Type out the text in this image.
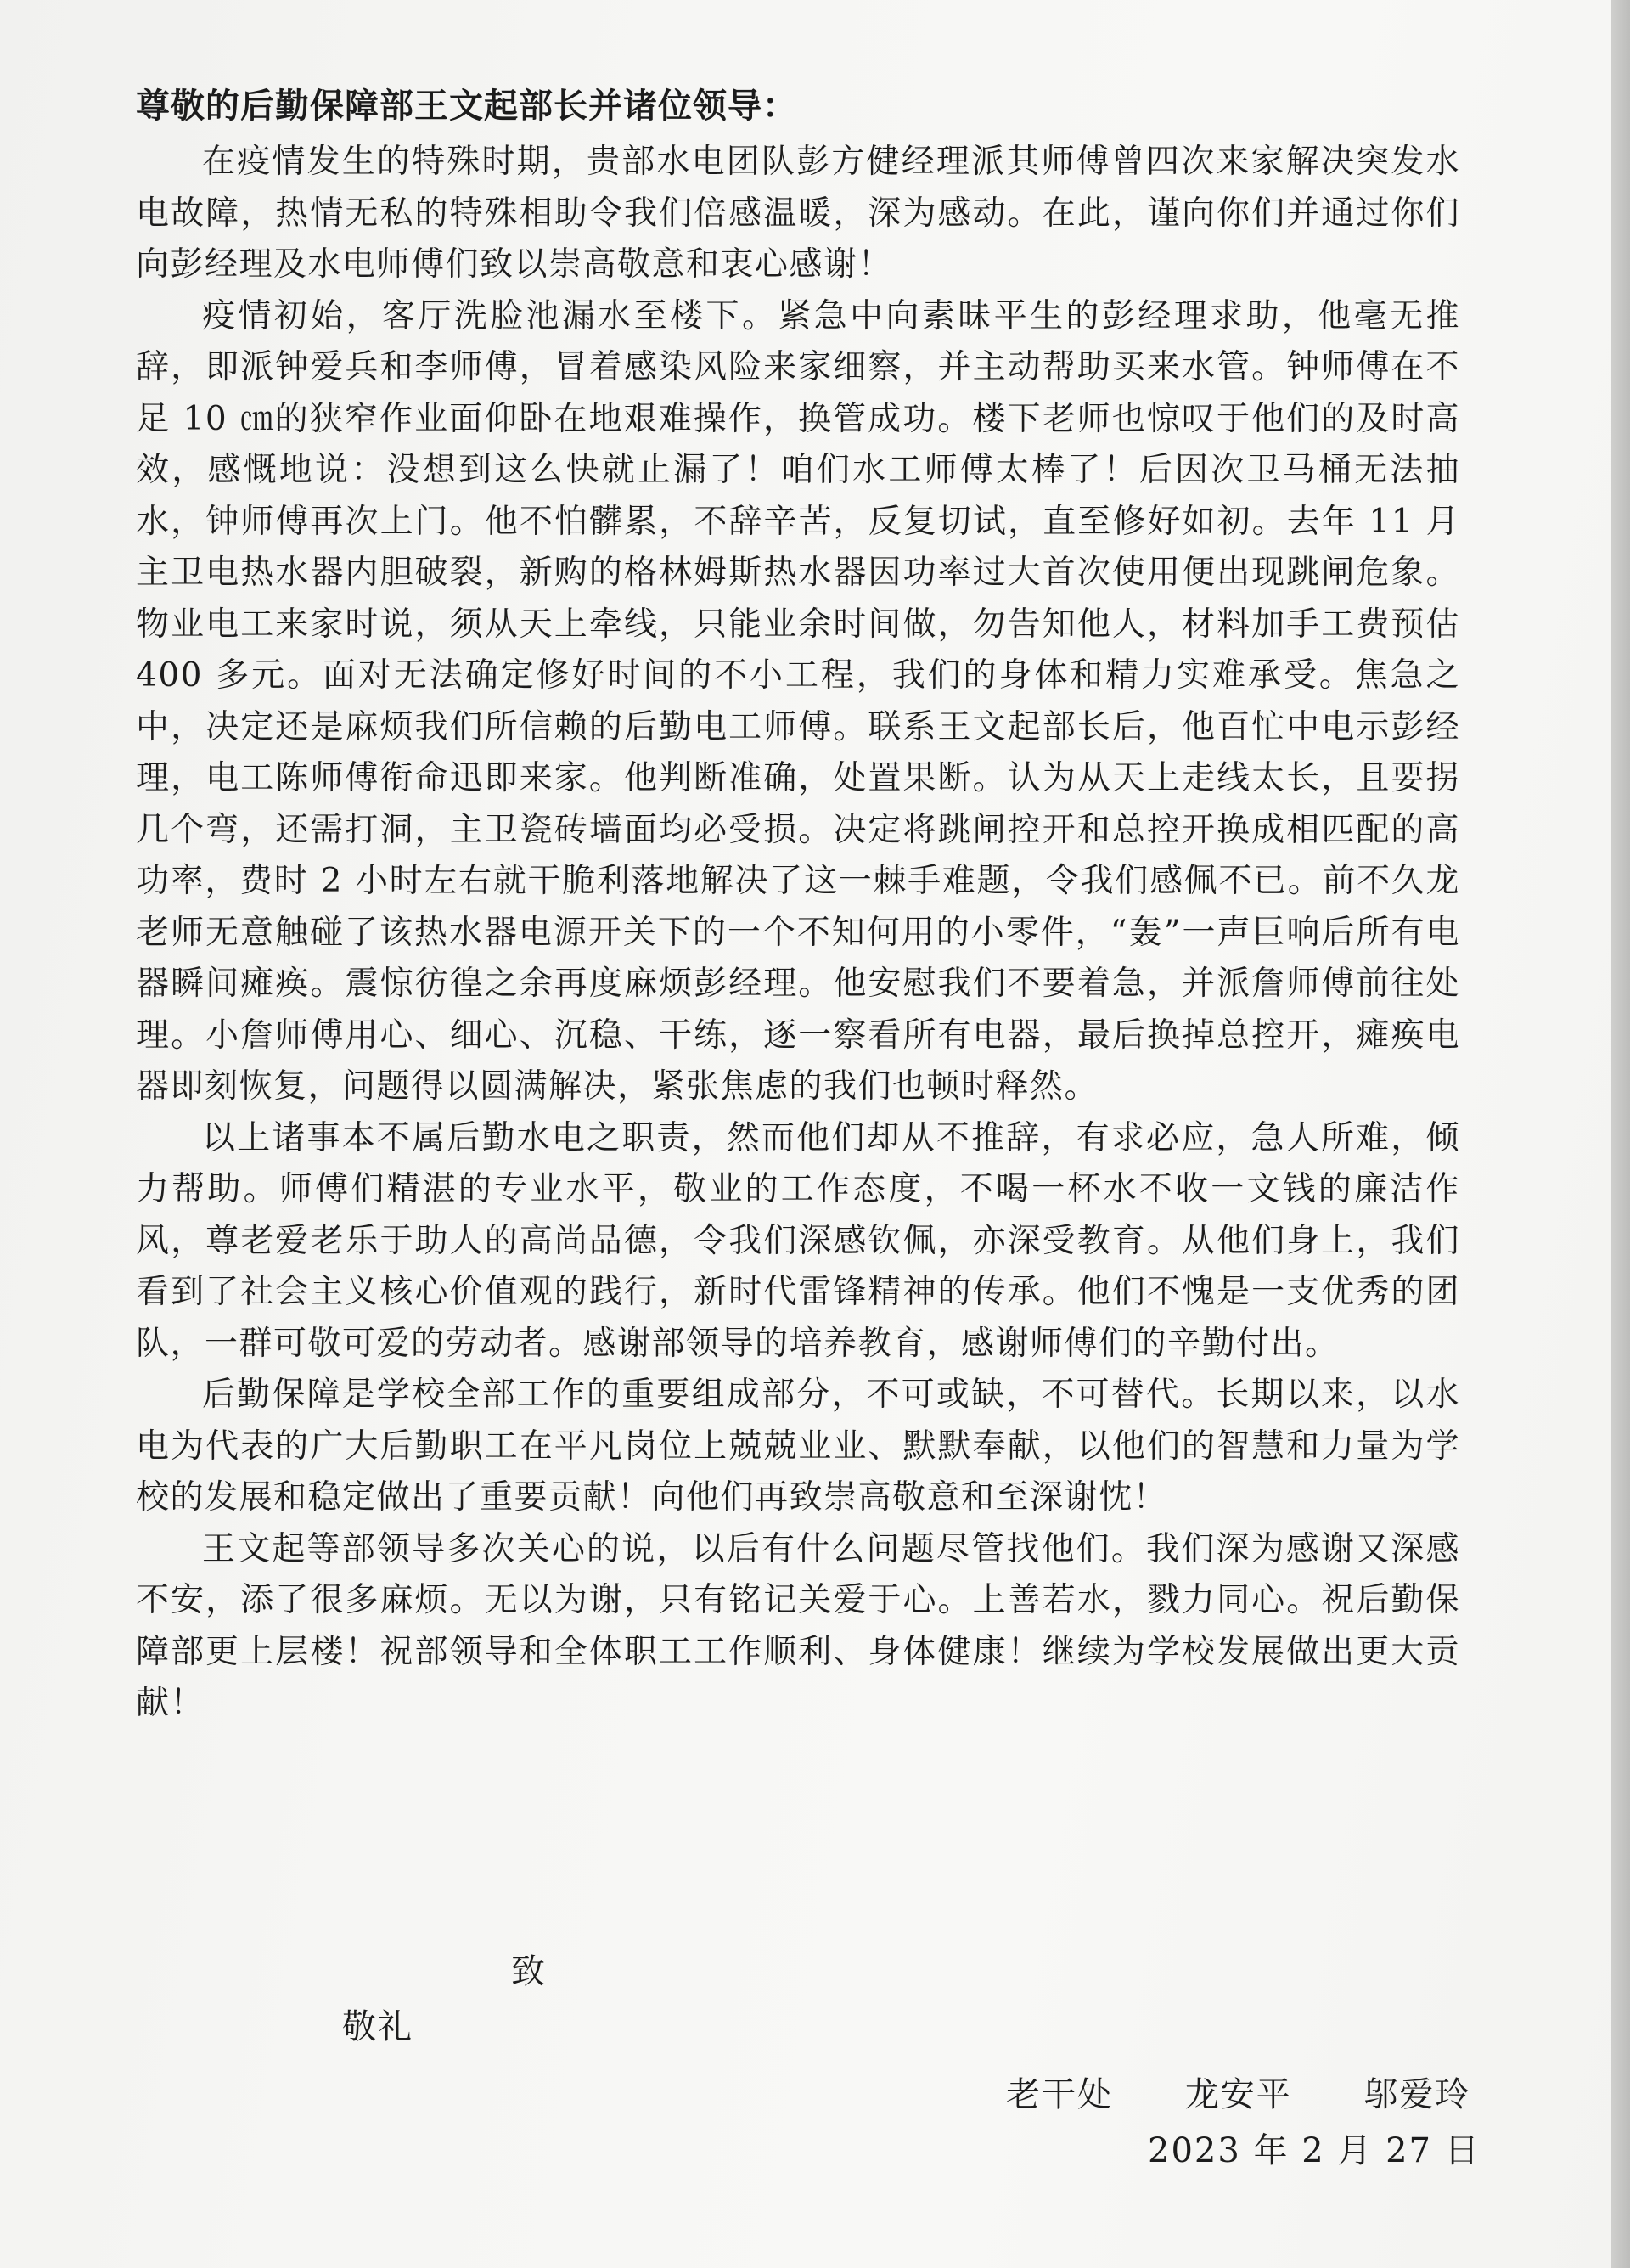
尊敬的后勤保障部王文起部长并诸位领导：

在疫情发生的特殊时期，贵部水电团队彭方健经理派其师傅曾四次来家解决突发水电故障，热情无私的特殊相助令我们倍感温暖，深为感动。在此，谨向你们并通过你们向彭经理及水电师傅们致以崇高敬意和衷心感谢！

疫情初始，客厅洗脸池漏水至楼下。紧急中向素昧平生的彭经理求助，他毫无推辞，即派钟爱兵和李师傅，冒着感染风险来家细察，并主动帮助买来水管。钟师傅在不足 10 ㎝的狭窄作业面仰卧在地艰难操作，换管成功。楼下老师也惊叹于他们的及时高效，感慨地说：没想到这么快就止漏了！咱们水工师傅太棒了！后因次卫马桶无法抽水，钟师傅再次上门。他不怕髒累，不辞辛苦，反复切试，直至修好如初。去年 11 月主卫电热水器内胆破裂，新购的格林姆斯热水器因功率过大首次使用便出现跳闸危象。物业电工来家时说，须从天上牵线，只能业余时间做，勿告知他人，材料加手工费预估 400 多元。面对无法确定修好时间的不小工程，我们的身体和精力实难承受。焦急之中，决定还是麻烦我们所信赖的后勤电工师傅。联系王文起部长后，他百忙中电示彭经理，电工陈师傅衔命迅即来家。他判断准确，处置果断。认为从天上走线太长，且要拐几个弯，还需打洞，主卫瓷砖墙面均必受损。决定将跳闸控开和总控开换成相匹配的高功率，费时 2 小时左右就干脆利落地解决了这一棘手难题，令我们感佩不已。前不久龙老师无意触碰了该热水器电源开关下的一个不知何用的小零件，“轰”一声巨响后所有电器瞬间瘫痪。震惊彷徨之余再度麻烦彭经理。他安慰我们不要着急，并派詹师傅前往处理。小詹师傅用心、细心、沉稳、干练，逐一察看所有电器，最后换掉总控开，瘫痪电器即刻恢复，问题得以圆满解决，紧张焦虑的我们也顿时释然。

以上诸事本不属后勤水电之职责，然而他们却从不推辞，有求必应，急人所难，倾力帮助。师傅们精湛的专业水平，敬业的工作态度，不喝一杯水不收一文钱的廉洁作风，尊老爱老乐于助人的高尚品德，令我们深感钦佩，亦深受教育。从他们身上，我们看到了社会主义核心价值观的践行，新时代雷锋精神的传承。他们不愧是一支优秀的团队，一群可敬可爱的劳动者。感谢部领导的培养教育，感谢师傅们的辛勤付出。

后勤保障是学校全部工作的重要组成部分，不可或缺，不可替代。长期以来，以水电为代表的广大后勤职工在平凡岗位上兢兢业业、默默奉献，以他们的智慧和力量为学校的发展和稳定做出了重要贡献！向他们再致崇高敬意和至深谢忱！

王文起等部领导多次关心的说，以后有什么问题尽管找他们。我们深为感谢又深感不安，添了很多麻烦。无以为谢，只有铭记关爱于心。上善若水，戮力同心。祝后勤保障部更上层楼！祝部领导和全体职工工作顺利、身体健康！继续为学校发展做出更大贡献！

致
敬礼
老干处 龙安平 邬爱玲
2023 年 2 月 27 日
